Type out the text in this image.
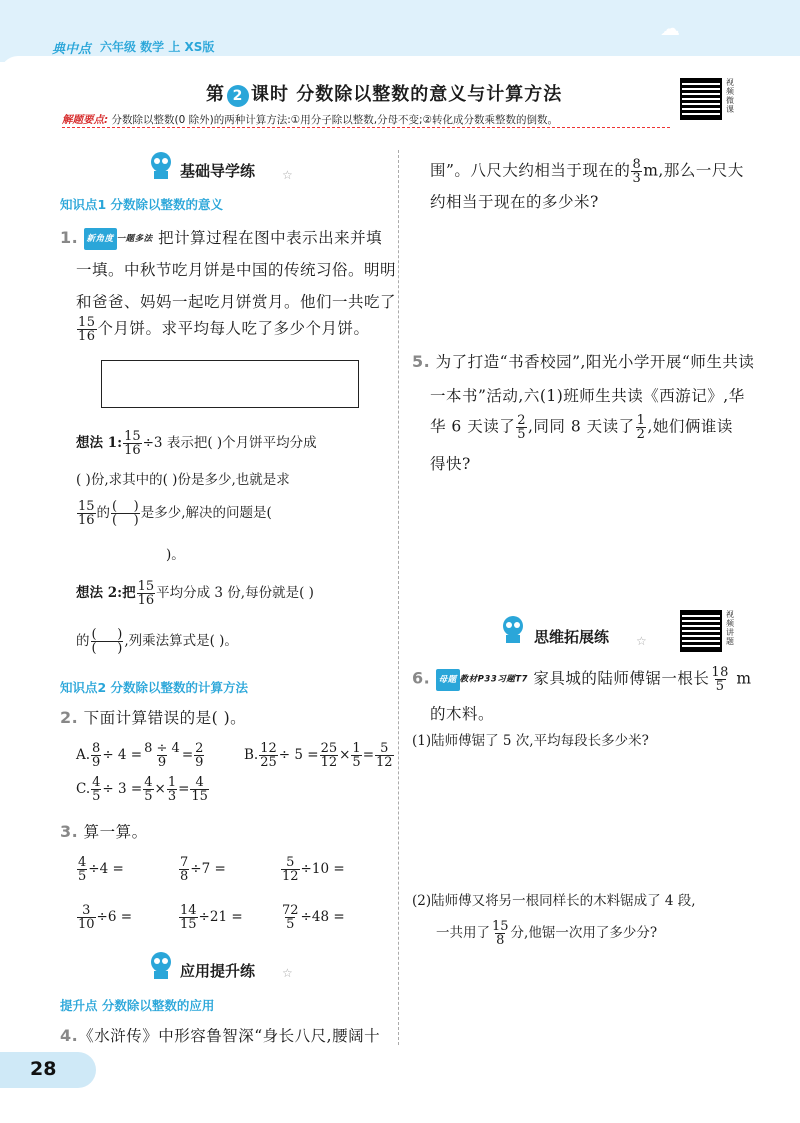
典中点 六年级 数学 上 XS版
☁
第 2 课时 分数除以整数的意义与计算方法
视频微课
解题要点: 分数除以整数(0 除外)的两种计算方法:①用分子除以整数,分母不变;②转化成分数乘整数的倒数。
基础导学练 ☆
知识点1 分数除以整数的意义
1. 新角度 一题多法 把计算过程在图中表示出来并填
一填。中秋节吃月饼是中国的传统习俗。明明
和爸爸、妈妈一起吃月饼赏月。他们一共吃了
$\frac{15}{16}$ 个月饼。求平均每人吃了多少个月饼。
想法 1: $\frac{15}{16} \div 3$ 表示把( )个月饼平均分成
( )份,求其中的( )份是多少,也就是求
$\frac{15}{16}$ 的 $\frac{( )}{( )}$ 是多少,解决的问题是(
)。
想法 2:把 $\frac{15}{16}$ 平均分成 3 份,每份就是( )
的 $\frac{( )}{( )}$ ,列乘法算式是( )。
知识点2 分数除以整数的计算方法
2. 下面计算错误的是( )。
A. $\frac{8}{9} \div 4 = \frac{8 \div 4}{9} = \frac{2}{9}$	B. $\frac{12}{25} \div 5 = \frac{25}{12} \times \frac{1}{5} = \frac{5}{12}$
C. $\frac{4}{5} \div 3 = \frac{4}{5} \times \frac{1}{3} = \frac{4}{15}$
3. 算一算。
$\frac{4}{5} \div 4$ =	$\frac{7}{8} \div 7$ =	$\frac{5}{12} \div 10$ =
$\frac{3}{10} \div 6$ =	$\frac{14}{15} \div 21$ =	$\frac{72}{5} \div 48$ =
应用提升练 ☆
提升点 分数除以整数的应用
4.《水浒传》中形容鲁智深“身长八尺,腰阔十
围”。八尺大约相当于现在的 $\frac{8}{3} m$,那么一尺大
约相当于现在的多少米?
5. 为了打造“书香校园”,阳光小学开展“师生共读
一本书”活动,六(1)班师生共读《西游记》,华
华 6 天读了 $\frac{2}{5}$ ,同同 8 天读了 $\frac{1}{2}$ ,她们俩谁读
得快?
视频讲题
思维拓展练 ☆
6. 母题 教材P33习题T7 家具城的陆师傅锯一根长 $\frac{18}{5}$ m
的木料。
(1)陆师傅锯了 5 次,平均每段长多少米?
(2)陆师傅又将另一根同样长的木料锯成了 4 段,
一共用了 $\frac{15}{8}$ 分,他锯一次用了多少分?
28
